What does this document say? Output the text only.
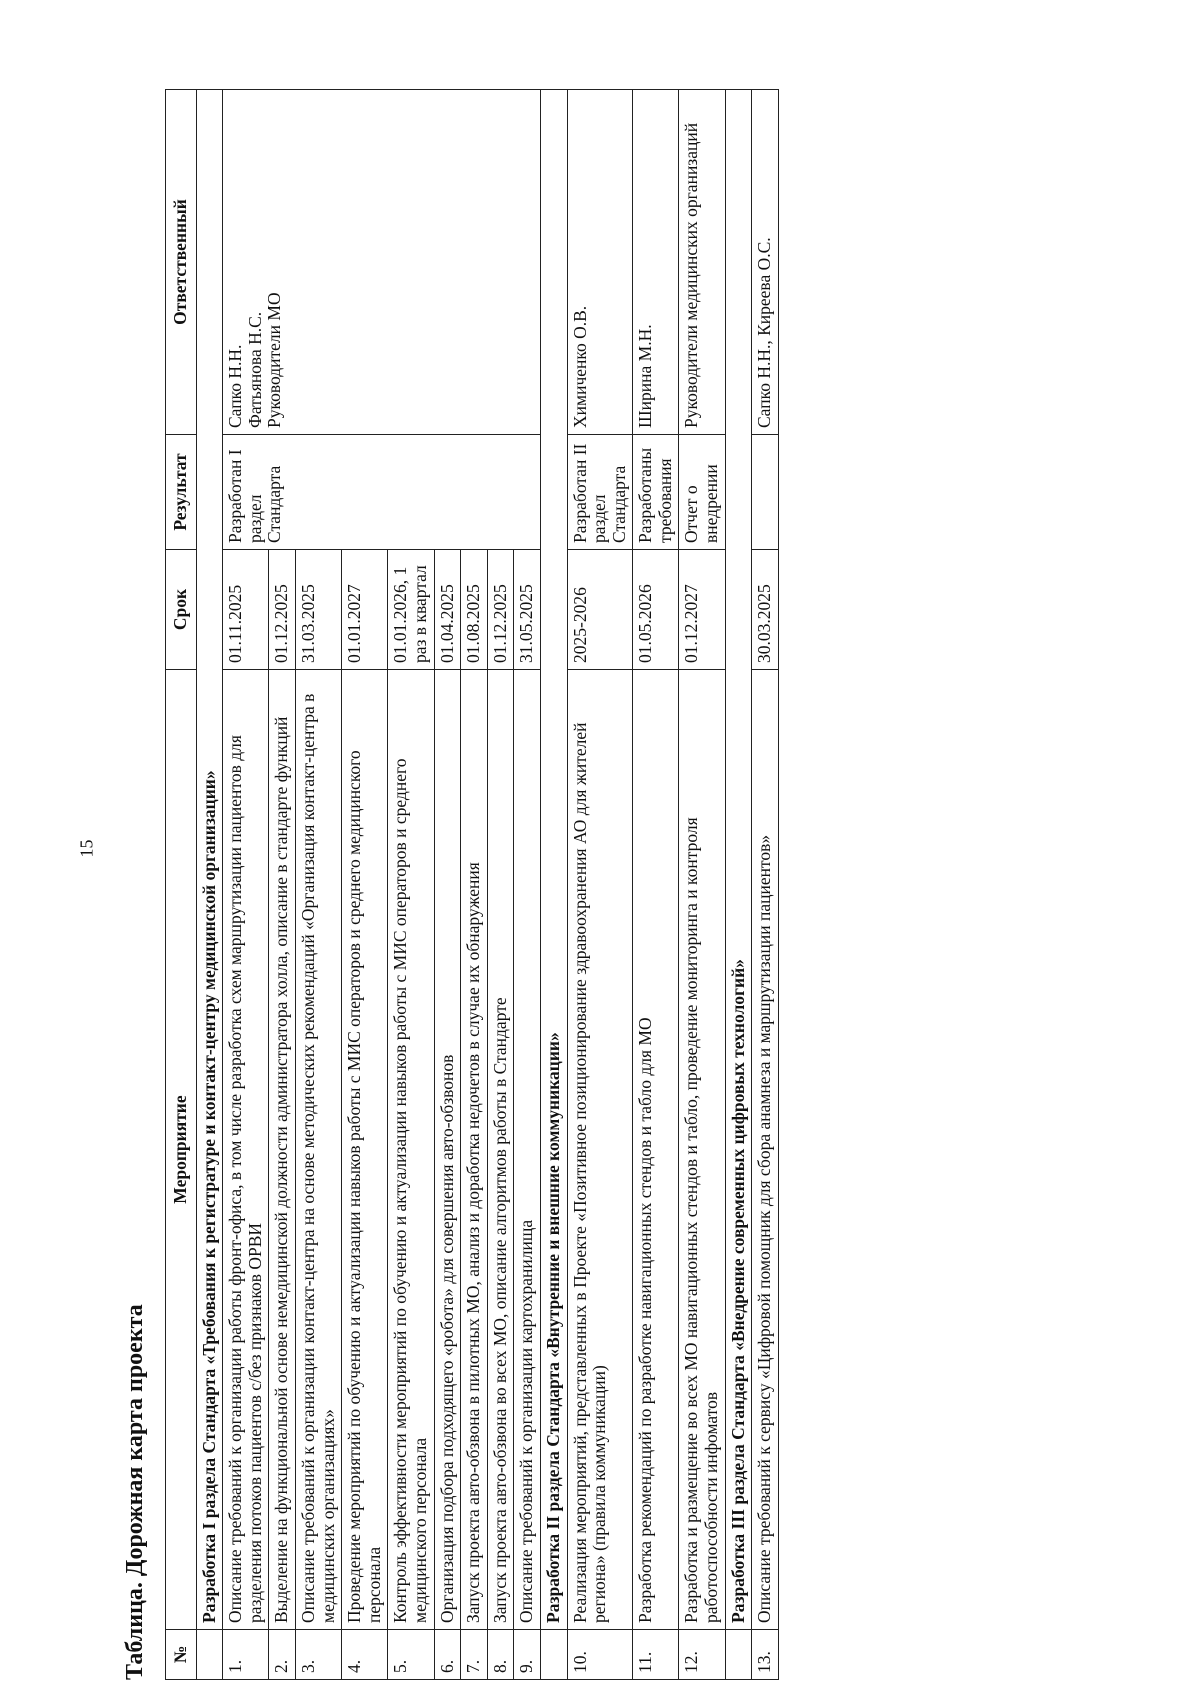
15
Таблица. Дорожная карта проекта	№	Мероприятие	Срок	Результат	Ответственный
	Разработка I раздела Стандарта «Требования к регистратуре и контакт-центру медицинской организации»			
1.	Описание требований к организации работы фронт-офиса, в том числе разработка схем маршрутизации пациентов для разделения потоков пациентов с/без признаков ОРВИ	01.11.2025	Разработан I раздел Стандарта	Сапко Н.Н. Фатьянова Н.С. Руководители МО

2.	Выделение на функциональной основе немедицинской должности администратора холла, описание в стандарте функций	01.12.2025		
3.	Описание требований к организации контакт-центра на основе методических рекомендаций «Организация контакт-центра в медицинских организациях»	31.03.2025		
4.	Проведение мероприятий по обучению и актуализации навыков работы с МИС операторов и среднего медицинского персонала	01.01.2027		
5.	Контроль эффективности мероприятий по обучению и актуализации навыков работы с МИС операторов и среднего медицинского персонала	01.01.2026, 1 раз в квартал		
6.	Организация подбора подходящего «робота» для совершения авто-обзвонов	01.04.2025		
7.	Запуск проекта авто-обзвона в пилотных МО, анализ и доработка недочетов в случае их обнаружения	01.08.2025		
8.	Запуск проекта авто-обзвона во всех МО, описание алгоритмов работы в Стандарте	01.12.2025		
9.	Описание требований к организации картохранилища	31.05.2025		
	Разработка II раздела Стандарта «Внутренние и внешние коммуникации»			
10.	Реализация мероприятий, представленных в Проекте «Позитивное позиционирование здравоохранения АО для жителей региона» (правила коммуникации)	2025-2026	Разработан II раздел Стандарта	Химиченко О.В.
11.	Разработка рекомендаций по разработке навигационных стендов и табло для МО	01.05.2026	Разработаны требования	Ширина М.Н.
12.	Разработка и размещение во всех МО навигационных стендов и табло, проведение мониторинга и контроля работоспособности инфоматов	01.12.2027	Отчет о внедрении	Руководители медицинских организаций
	Разработка III раздела Стандарта «Внедрение современных цифровых технологий»			
13.	Описание требований к сервису «Цифровой помощник для сбора анамнеза и маршрутизации пациентов»	30.03.2025		Сапко Н.Н., Киреева О.С.
